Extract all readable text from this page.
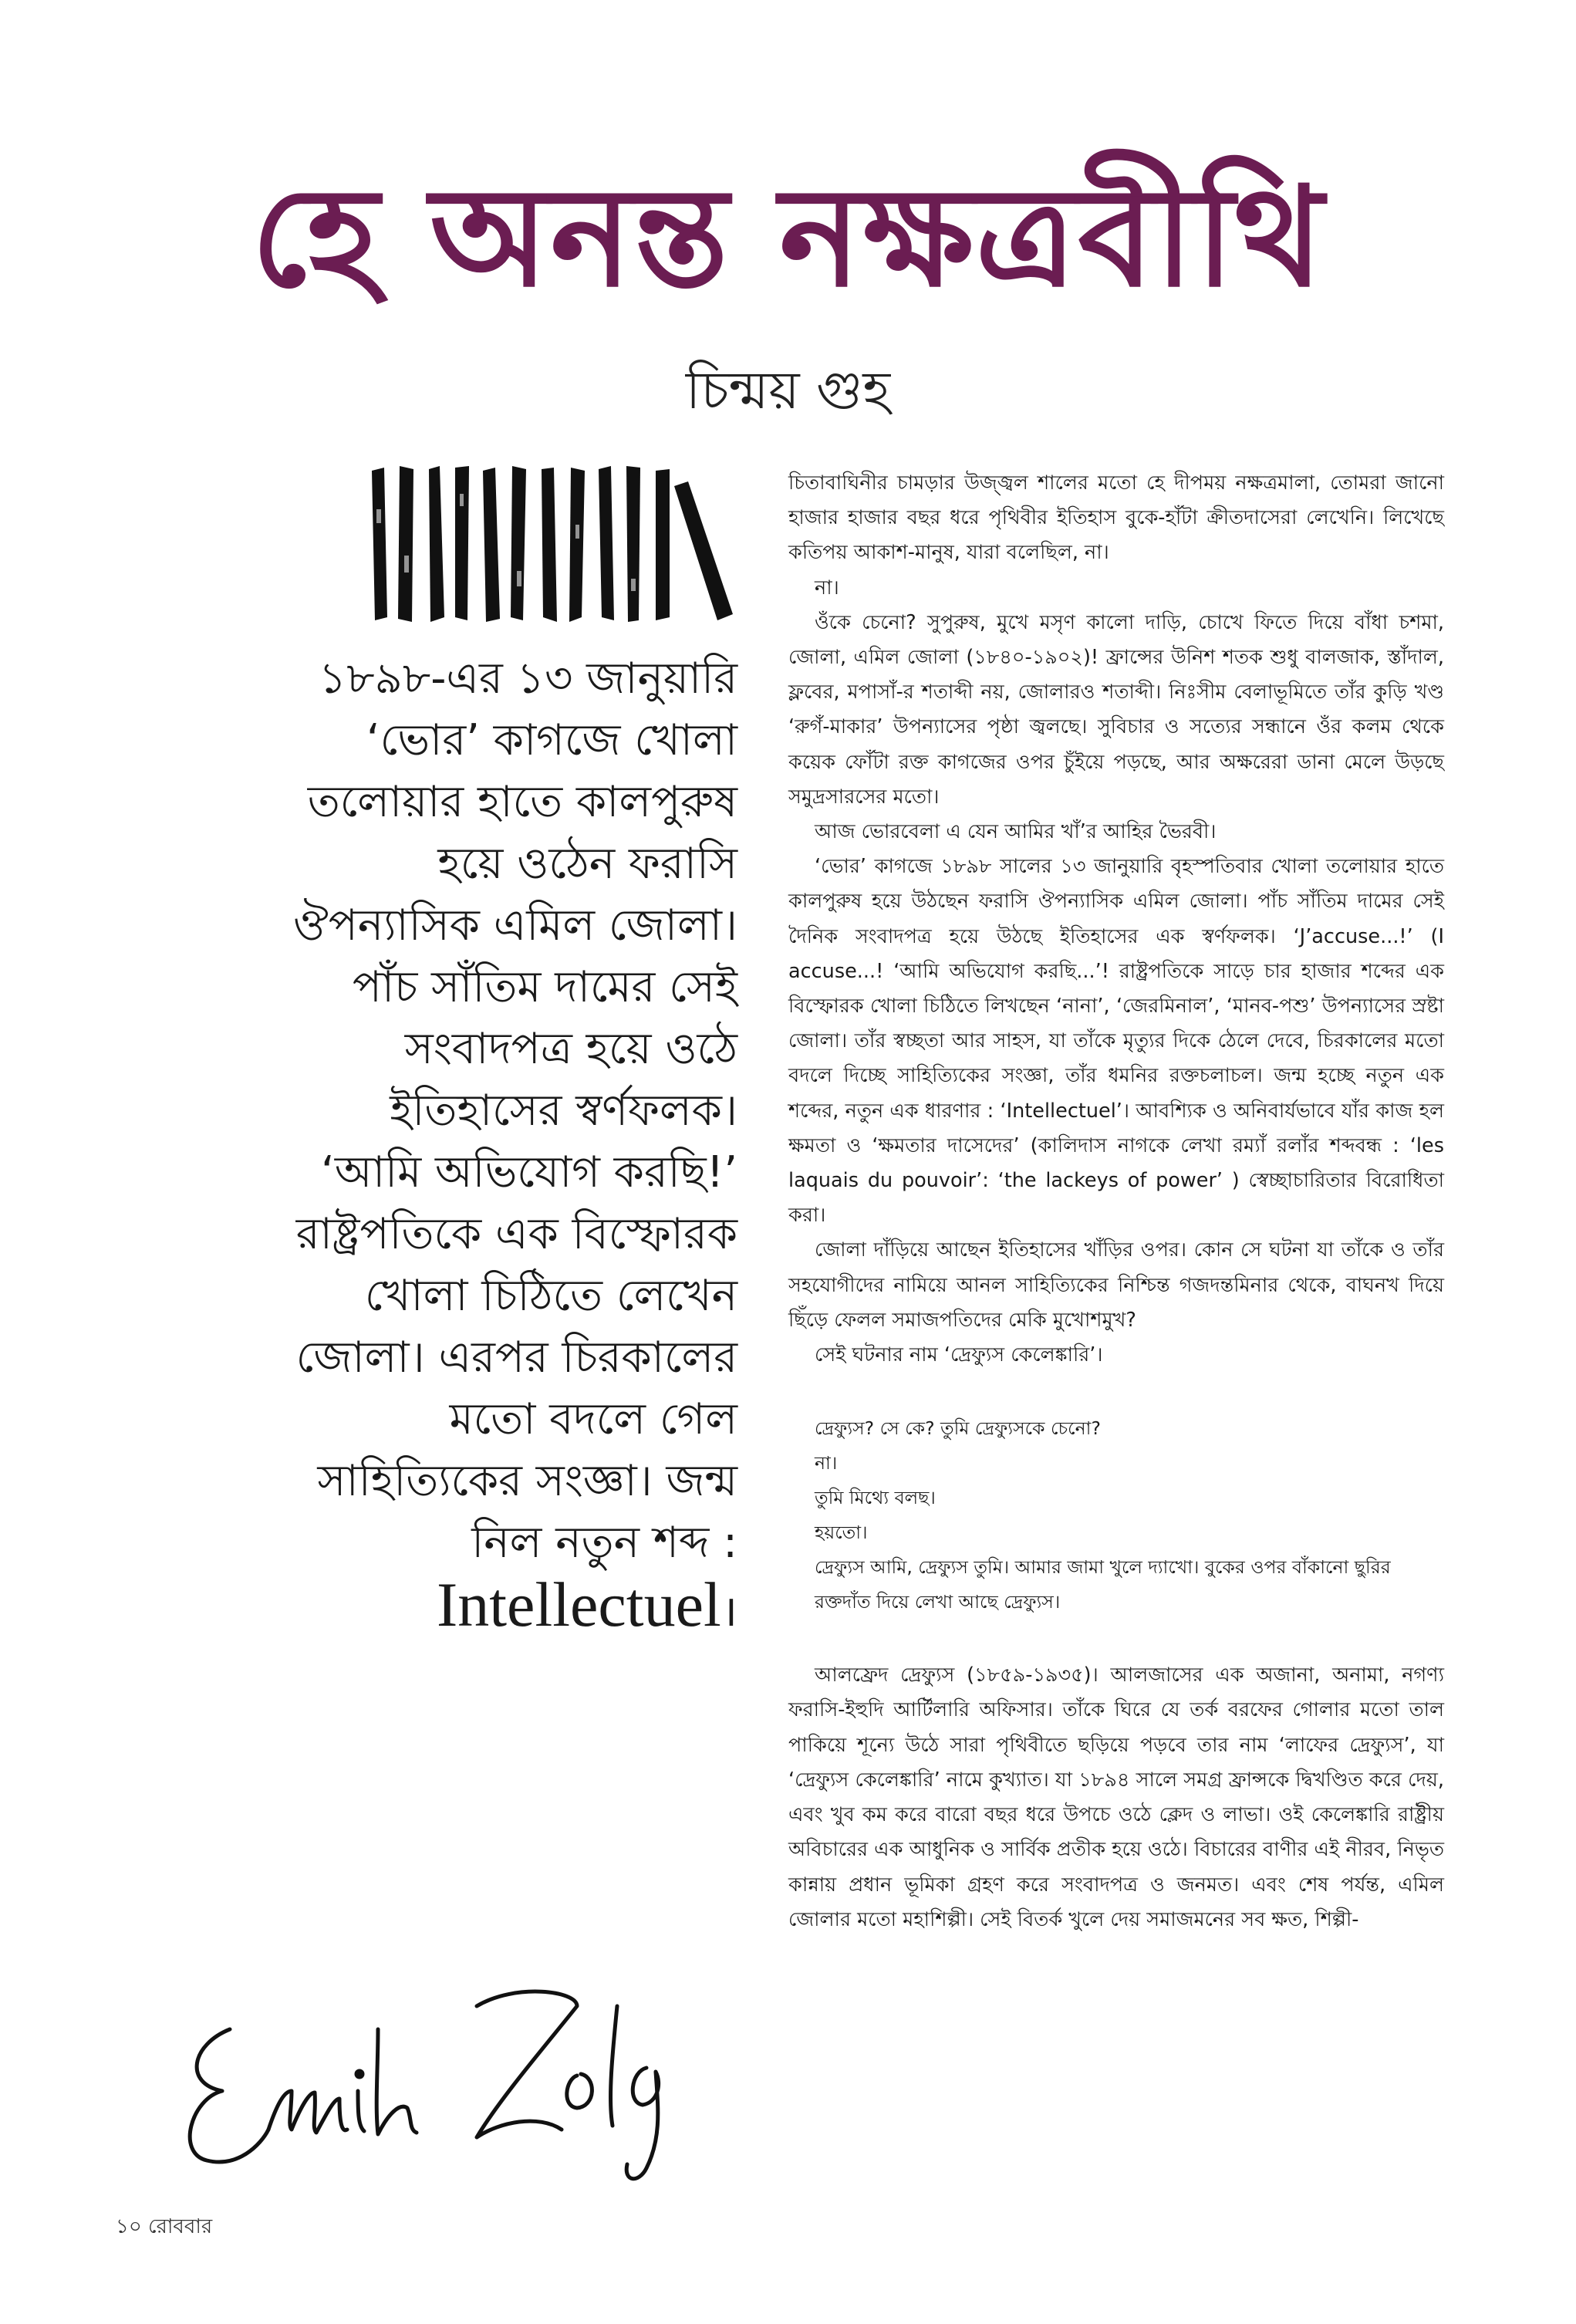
হে অনন্ত নক্ষত্রবীথি
চিন্ময় গুহ
১৮৯৮-এর ১৩ জানুয়ারি
‘ভোর’ কাগজে খোলা
তলোয়ার হাতে কালপুরুষ
হয়ে ওঠেন ফরাসি
ঔপন্যাসিক এমিল জোলা।
পাঁচ সাঁতিম দামের সেই
সংবাদপত্র হয়ে ওঠে
ইতিহাসের স্বর্ণফলক।
‘আমি অভিযোগ করছি!’
রাষ্ট্রপতিকে এক বিস্ফোরক
খোলা চিঠিতে লেখেন
জোলা। এরপর চিরকালের
মতো বদলে গেল
সাহিত্যিকের সংজ্ঞা। জন্ম
নিল নতুন শব্দ :
Intellectuel।
১০ রোববার

চিতাবাঘিনীর চামড়ার উজ্জ্বল শালের মতো হে দীপময় নক্ষত্রমালা, তোমরা জানো হাজার হাজার বছর ধরে পৃথিবীর ইতিহাস বুকে-হাঁটা ক্রীতদাসেরা লেখেনি। লিখেছে কতিপয় আকাশ-মানুষ, যারা বলেছিল, না।

না।

ওঁকে চেনো? সুপুরুষ, মুখে মসৃণ কালো দাড়ি, চোখে ফিতে দিয়ে বাঁধা চশমা, জোলা, এমিল জোলা (১৮৪০-১৯০২)! ফ্রান্সের উনিশ শতক শুধু বালজাক, স্তাঁদাল, ফ্লবের, মপাসাঁ-র শতাব্দী নয়, জোলারও শতাব্দী। নিঃসীম বেলাভূমিতে তাঁর কুড়ি খণ্ড ‘রুগঁ-মাকার’ উপন্যাসের পৃষ্ঠা জ্বলছে। সুবিচার ও সত্যের সন্ধানে ওঁর কলম থেকে কয়েক ফোঁটা রক্ত কাগজের ওপর চুঁইয়ে পড়ছে, আর অক্ষরেরা ডানা মেলে উড়ছে সমুদ্রসারসের মতো।

আজ ভোরবেলা এ যেন আমির খাঁ’র আহির ভৈরবী।

‘ভোর’ কাগজে ১৮৯৮ সালের ১৩ জানুয়ারি বৃহস্পতিবার খোলা তলোয়ার হাতে কালপুরুষ হয়ে উঠছেন ফরাসি ঔপন্যাসিক এমিল জোলা। পাঁচ সাঁতিম দামের সেই দৈনিক সংবাদপত্র হয়ে উঠছে ইতিহাসের এক স্বর্ণফলক। ‘J’accuse...!’ (I accuse...! ‘আমি অভিযোগ করছি...’! রাষ্ট্রপতিকে সাড়ে চার হাজার শব্দের এক বিস্ফোরক খোলা চিঠিতে লিখছেন ‘নানা’, ‘জেরমিনাল’, ‘মানব-পশু’ উপন্যাসের স্রষ্টা জোলা। তাঁর স্বচ্ছতা আর সাহস, যা তাঁকে মৃত্যুর দিকে ঠেলে দেবে, চিরকালের মতো বদলে দিচ্ছে সাহিত্যিকের সংজ্ঞা, তাঁর ধমনির রক্তচলাচল। জন্ম হচ্ছে নতুন এক শব্দের, নতুন এক ধারণার : ‘Intellectuel’। আবশ্যিক ও অনিবার্যভাবে যাঁর কাজ হল ক্ষমতা ও ‘ক্ষমতার দাসেদের’ (কালিদাস নাগকে লেখা রম্যাঁ রলাঁর শব্দবন্ধ : ‘les laquais du pouvoir’: ‘the lackeys of power’ ) স্বেচ্ছাচারিতার বিরোধিতা করা।

জোলা দাঁড়িয়ে আছেন ইতিহাসের খাঁড়ির ওপর। কোন সে ঘটনা যা তাঁকে ও তাঁর সহযোগীদের নামিয়ে আনল সাহিত্যিকের নিশ্চিন্ত গজদন্তমিনার থেকে, বাঘনখ দিয়ে ছিঁড়ে ফেলল সমাজপতিদের মেকি মুখোশমুখ?

সেই ঘটনার নাম ‘দ্রেফ্যুস কেলেঙ্কারি’।

দ্রেফ্যুস? সে কে? তুমি দ্রেফ্যুসকে চেনো?
না।
তুমি মিথ্যে বলছ।
হয়তো।
দ্রেফ্যুস আমি, দ্রেফ্যুস তুমি। আমার জামা খুলে দ্যাখো। বুকের ওপর বাঁকানো ছুরির রক্তদাঁত দিয়ে লেখা আছে দ্রেফ্যুস।

আলফ্রেদ দ্রেফ্যুস (১৮৫৯-১৯৩৫)। আলজাসের এক অজানা, অনামা, নগণ্য ফরাসি-ইহুদি আর্টিলারি অফিসার। তাঁকে ঘিরে যে তর্ক বরফের গোলার মতো তাল পাকিয়ে শূন্যে উঠে সারা পৃথিবীতে ছড়িয়ে পড়বে তার নাম ‘লাফের দ্রেফ্যুস’, যা ‘দ্রেফ্যুস কেলেঙ্কারি’ নামে কুখ্যাত। যা ১৮৯৪ সালে সমগ্র ফ্রান্সকে দ্বিখণ্ডিত করে দেয়, এবং খুব কম করে বারো বছর ধরে উপচে ওঠে ক্লেদ ও লাভা। ওই কেলেঙ্কারি রাষ্ট্রীয় অবিচারের এক আধুনিক ও সার্বিক প্রতীক হয়ে ওঠে। বিচারের বাণীর এই নীরব, নিভৃত কান্নায় প্রধান ভূমিকা গ্রহণ করে সংবাদপত্র ও জনমত। এবং শেষ পর্যন্ত, এমিল জোলার মতো মহাশিল্পী। সেই বিতর্ক খুলে দেয় সমাজমনের সব ক্ষত, শিল্পী-
